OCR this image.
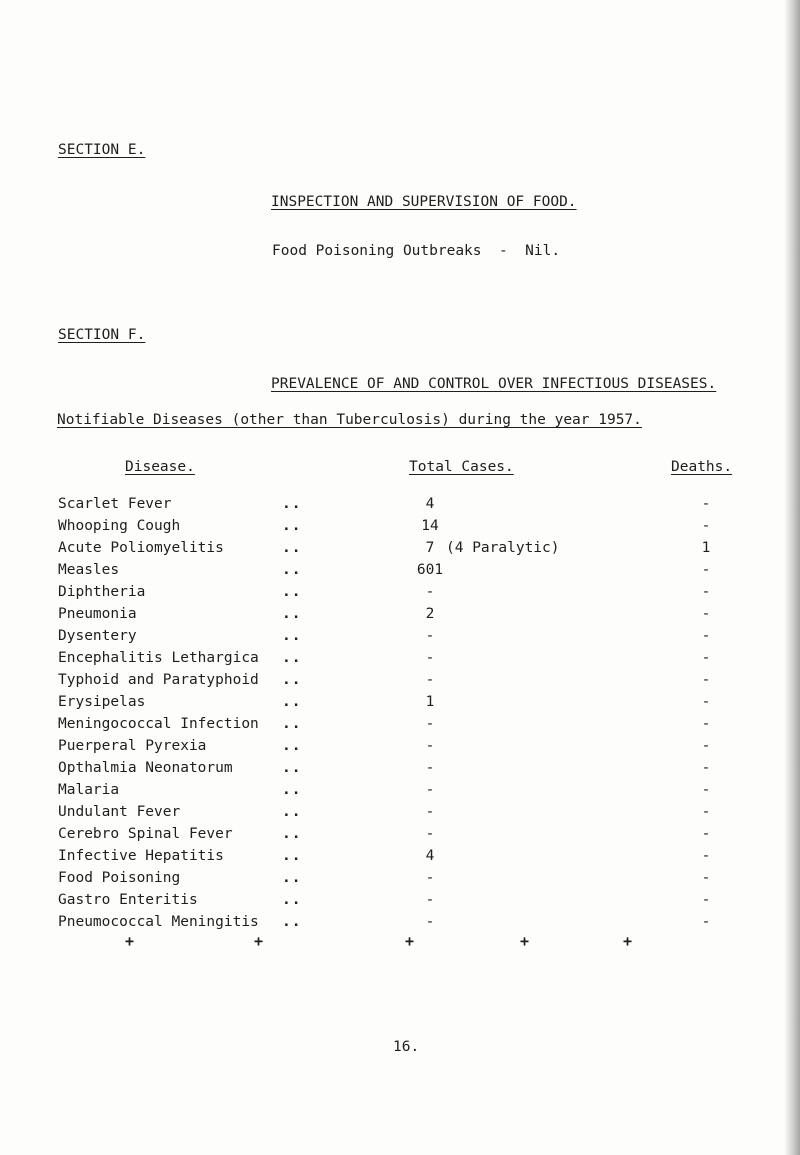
SECTION E.
INSPECTION AND SUPERVISION OF FOOD.
Food Poisoning Outbreaks  -  Nil.
SECTION F.
PREVALENCE OF AND CONTROL OVER INFECTIOUS DISEASES.
Notifiable Diseases (other than Tuberculosis) during the year 1957.
Disease.	Total Cases.	Deaths.
Scarlet Fever	..	4	-
Whooping Cough	..	14	-
Acute Poliomyelitis	..	7 (4 Paralytic)	1
Measles	..	601	-
Diphtheria	..	-	-
Pneumonia	..	2	-
Dysentery	..	-	-
Encephalitis Lethargica ..	-	-
Typhoid and Paratyphoid ..	-	-
Erysipelas	..	1	-
Meningococcal Infection ..	-	-
Puerperal Pyrexia	..	-	-
Opthalmia Neonatorum	..	-	-
Malaria	..	-	-
Undulant Fever	..	-	-
Cerebro Spinal Fever	..	-	-
Infective Hepatitis	..	4	-
Food Poisoning	..	-	-
Gastro Enteritis	..	-	-
Pneumococcal Meningitis ..	-	-
+	+	+	+	+
16.
